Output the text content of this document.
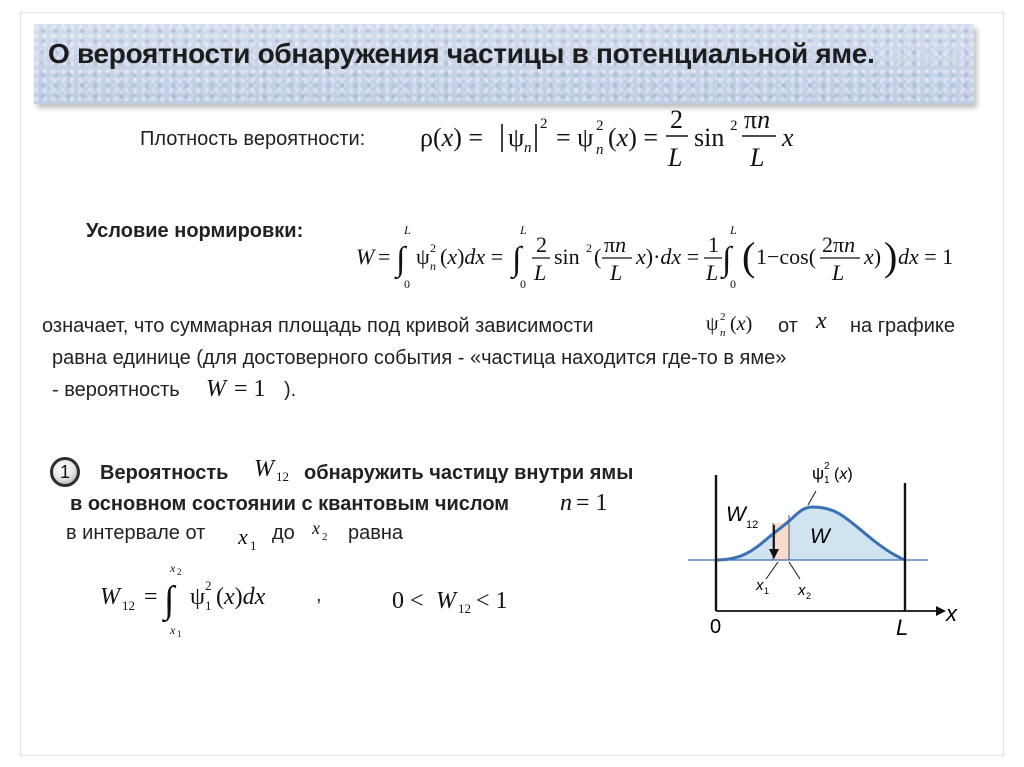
О вероятности обнаружения частицы в потенциальной яме.
Плотность вероятности: ρ(x) = ψ n
2 = ψ 2
n (x) =
2
L
sin 2 πn
L
x
Условие нормировки:
W = ∫
L
0
ψ 2
n (x)dx = ∫
L
0
2
L
sin 2 ( πn
L
x)·dx = 1
L ∫
L
0
( 1−cos( 2πn
L
x) ) dx = 1
означает, что суммарная площадь под кривой зависимости	ψ 2
n (x) от x на графике
равна единице (для достоверного события - «частица находится где-то в яме»
- вероятность W = 1 ).
1	Вероятность W 12 обнаружить частицу внутри ямы
в основном состоянии с квантовым числом n = 1
в интервале от x 1
до x 2 равна
W 12 = ∫
x 2
x 1
ψ 2
1 (x)dx	,	0 < W 12 < 1
ψ 2
1 (x)
W 12 W
x 1 x 2
0	L
x
